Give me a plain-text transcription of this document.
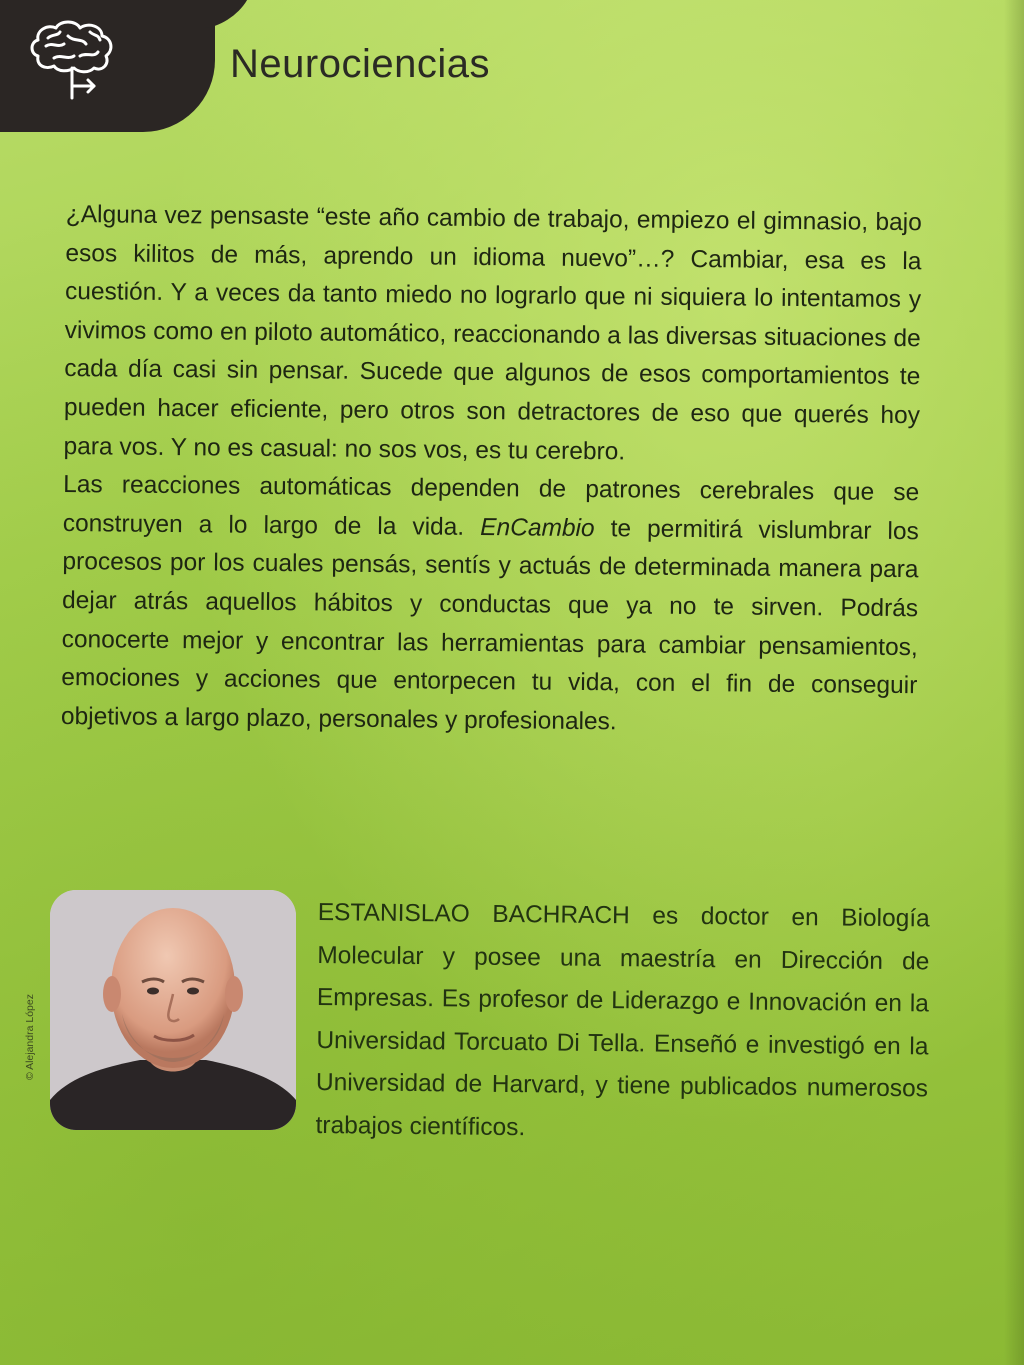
Neurociencias

¿Alguna vez pensaste “este año cambio de trabajo, empiezo el gimnasio, bajo esos kilitos de más, aprendo un idioma nuevo”…? Cambiar, esa es la cuestión. Y a veces da tanto miedo no lograrlo que ni siquiera lo intentamos y vivimos como en piloto automático, reaccionando a las diversas situaciones de cada día casi sin pensar. Sucede que algunos de esos comportamientos te pueden hacer eficiente, pero otros son detractores de eso que querés hoy para vos. Y no es casual: no sos vos, es tu cerebro.

Las reacciones automáticas dependen de patrones cerebrales que se construyen a lo largo de la vida. EnCambio te permitirá vislumbrar los procesos por los cuales pensás, sentís y actuás de determinada manera para dejar atrás aquellos hábitos y conductas que ya no te sirven. Podrás conocerte mejor y encontrar las herramientas para cambiar pensamientos, emociones y acciones que entorpecen tu vida, con el fin de conseguir objetivos a largo plazo, personales y profesionales.

© Alejandra López

ESTANISLAO BACHRACH es doctor en Biología Molecular y posee una maestría en Dirección de Empresas. Es profesor de Liderazgo e Innovación en la Universidad Torcuato Di Tella. Enseñó e investigó en la Universidad de Harvard, y tiene publicados numerosos trabajos científicos.
